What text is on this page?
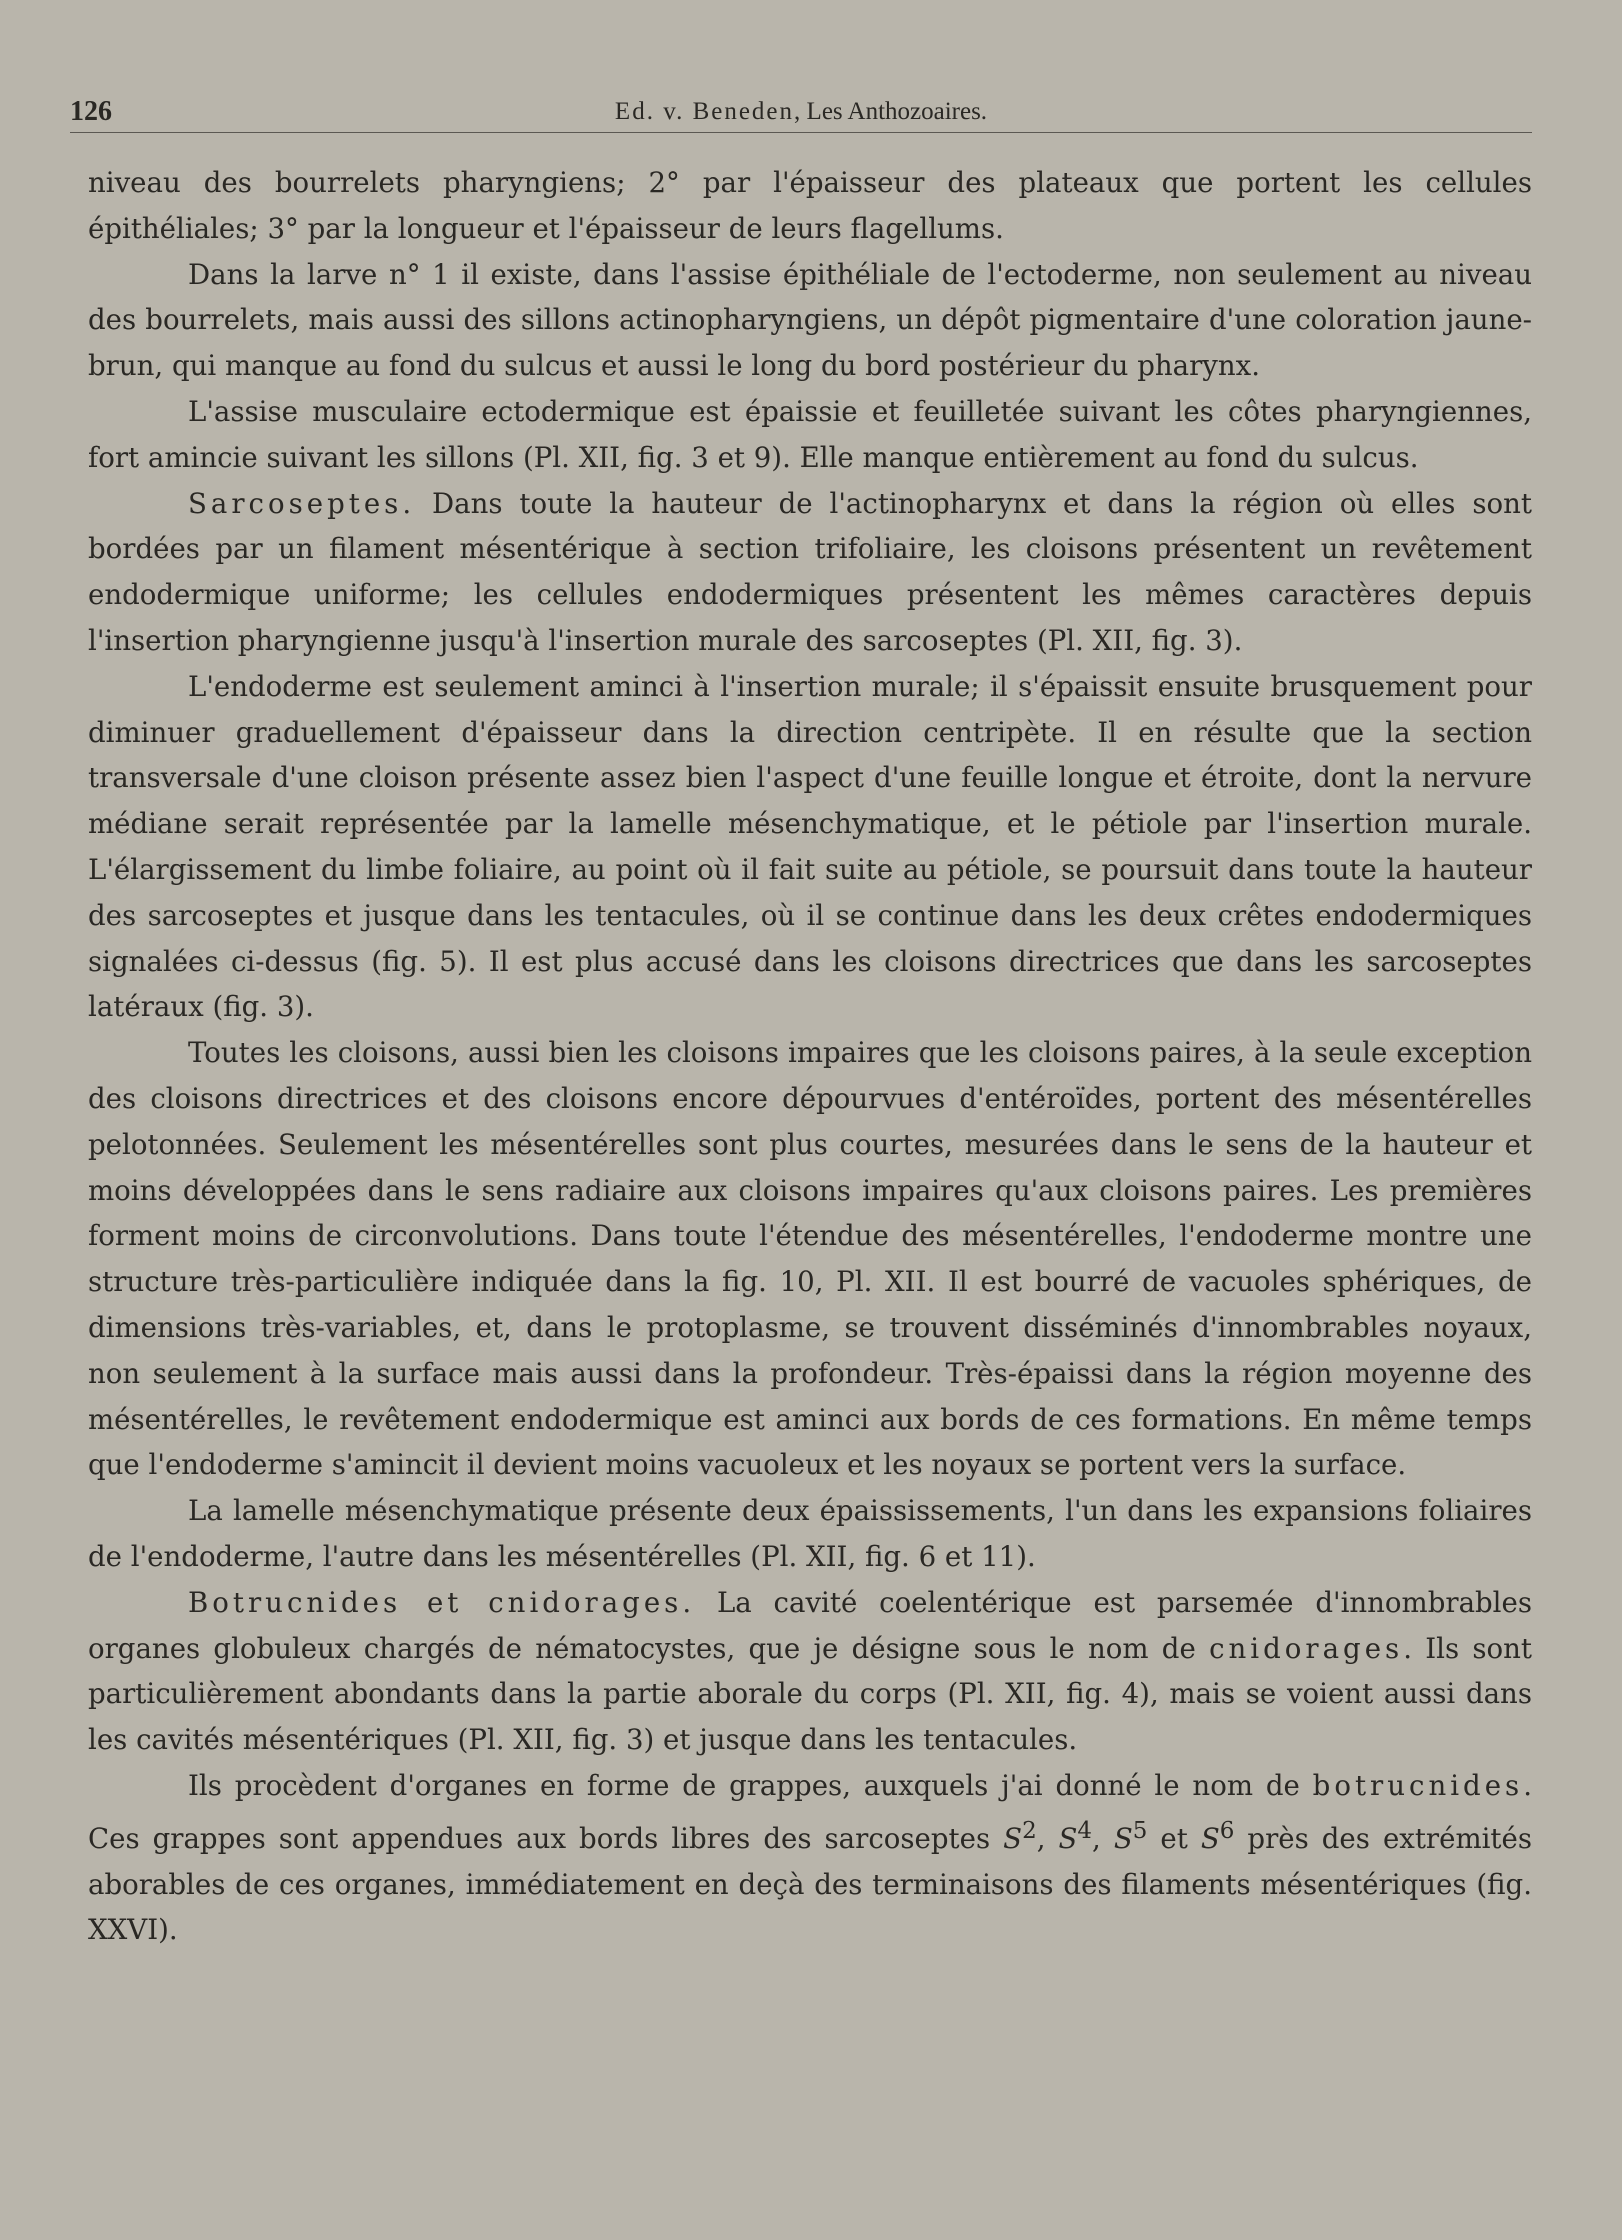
126	Ed. v. Beneden, Les Anthozoaires.

niveau des bourrelets pharyngiens; 2° par l'épaisseur des plateaux que portent les cellules épithéliales; 3° par la longueur et l'épaisseur de leurs flagellums.

Dans la larve n° 1 il existe, dans l'assise épithéliale de l'ectoderme, non seulement au niveau des bourrelets, mais aussi des sillons actinopharyngiens, un dépôt pigmentaire d'une coloration jaune-brun, qui manque au fond du sulcus et aussi le long du bord postérieur du pharynx.

L'assise musculaire ectodermique est épaissie et feuilletée suivant les côtes pharyngiennes, fort amincie suivant les sillons (Pl. XII, fig. 3 et 9). Elle manque entièrement au fond du sulcus.

Sarcoseptes. Dans toute la hauteur de l'actinopharynx et dans la région où elles sont bordées par un filament mésentérique à section trifoliaire, les cloisons présentent un revêtement endodermique uniforme; les cellules endodermiques présentent les mêmes caractères depuis l'insertion pharyngienne jusqu'à l'insertion murale des sarcoseptes (Pl. XII, fig. 3).

L'endoderme est seulement aminci à l'insertion murale; il s'épaissit ensuite brusquement pour diminuer graduellement d'épaisseur dans la direction centripète. Il en résulte que la section transversale d'une cloison présente assez bien l'aspect d'une feuille longue et étroite, dont la nervure médiane serait représentée par la lamelle mésenchymatique, et le pétiole par l'insertion murale. L'élargissement du limbe foliaire, au point où il fait suite au pétiole, se poursuit dans toute la hauteur des sarcoseptes et jusque dans les tentacules, où il se continue dans les deux crêtes endodermiques signalées ci-dessus (fig. 5). Il est plus accusé dans les cloisons directrices que dans les sarcoseptes latéraux (fig. 3).

Toutes les cloisons, aussi bien les cloisons impaires que les cloisons paires, à la seule exception des cloisons directrices et des cloisons encore dépourvues d'entéroïdes, portent des mésentérelles pelotonnées. Seulement les mésentérelles sont plus courtes, mesurées dans le sens de la hauteur et moins développées dans le sens radiaire aux cloisons impaires qu'aux cloisons paires. Les premières forment moins de circonvolutions. Dans toute l'étendue des mésentérelles, l'endoderme montre une structure très-particulière indiquée dans la fig. 10, Pl. XII. Il est bourré de vacuoles sphériques, de dimensions très-variables, et, dans le protoplasme, se trouvent disséminés d'innombrables noyaux, non seulement à la surface mais aussi dans la profondeur. Très-épaissi dans la région moyenne des mésentérelles, le revêtement endodermique est aminci aux bords de ces formations. En même temps que l'endoderme s'amincit il devient moins vacuoleux et les noyaux se portent vers la surface.

La lamelle mésenchymatique présente deux épaississements, l'un dans les expansions foliaires de l'endoderme, l'autre dans les mésentérelles (Pl. XII, fig. 6 et 11).

Botrucnides et cnidorages. La cavité coelentérique est parsemée d'innombrables organes globuleux chargés de nématocystes, que je désigne sous le nom de cnidorages. Ils sont particulièrement abondants dans la partie aborale du corps (Pl. XII, fig. 4), mais se voient aussi dans les cavités mésentériques (Pl. XII, fig. 3) et jusque dans les tentacules.

Ils procèdent d'organes en forme de grappes, auxquels j'ai donné le nom de botrucnides. Ces grappes sont appendues aux bords libres des sarcoseptes $S^2$, $S^4$, $S^5$ et $S^6$ près des extrémités aborables de ces organes, immédiatement en deçà des terminaisons des filaments mésentériques (fig. XXVI).
